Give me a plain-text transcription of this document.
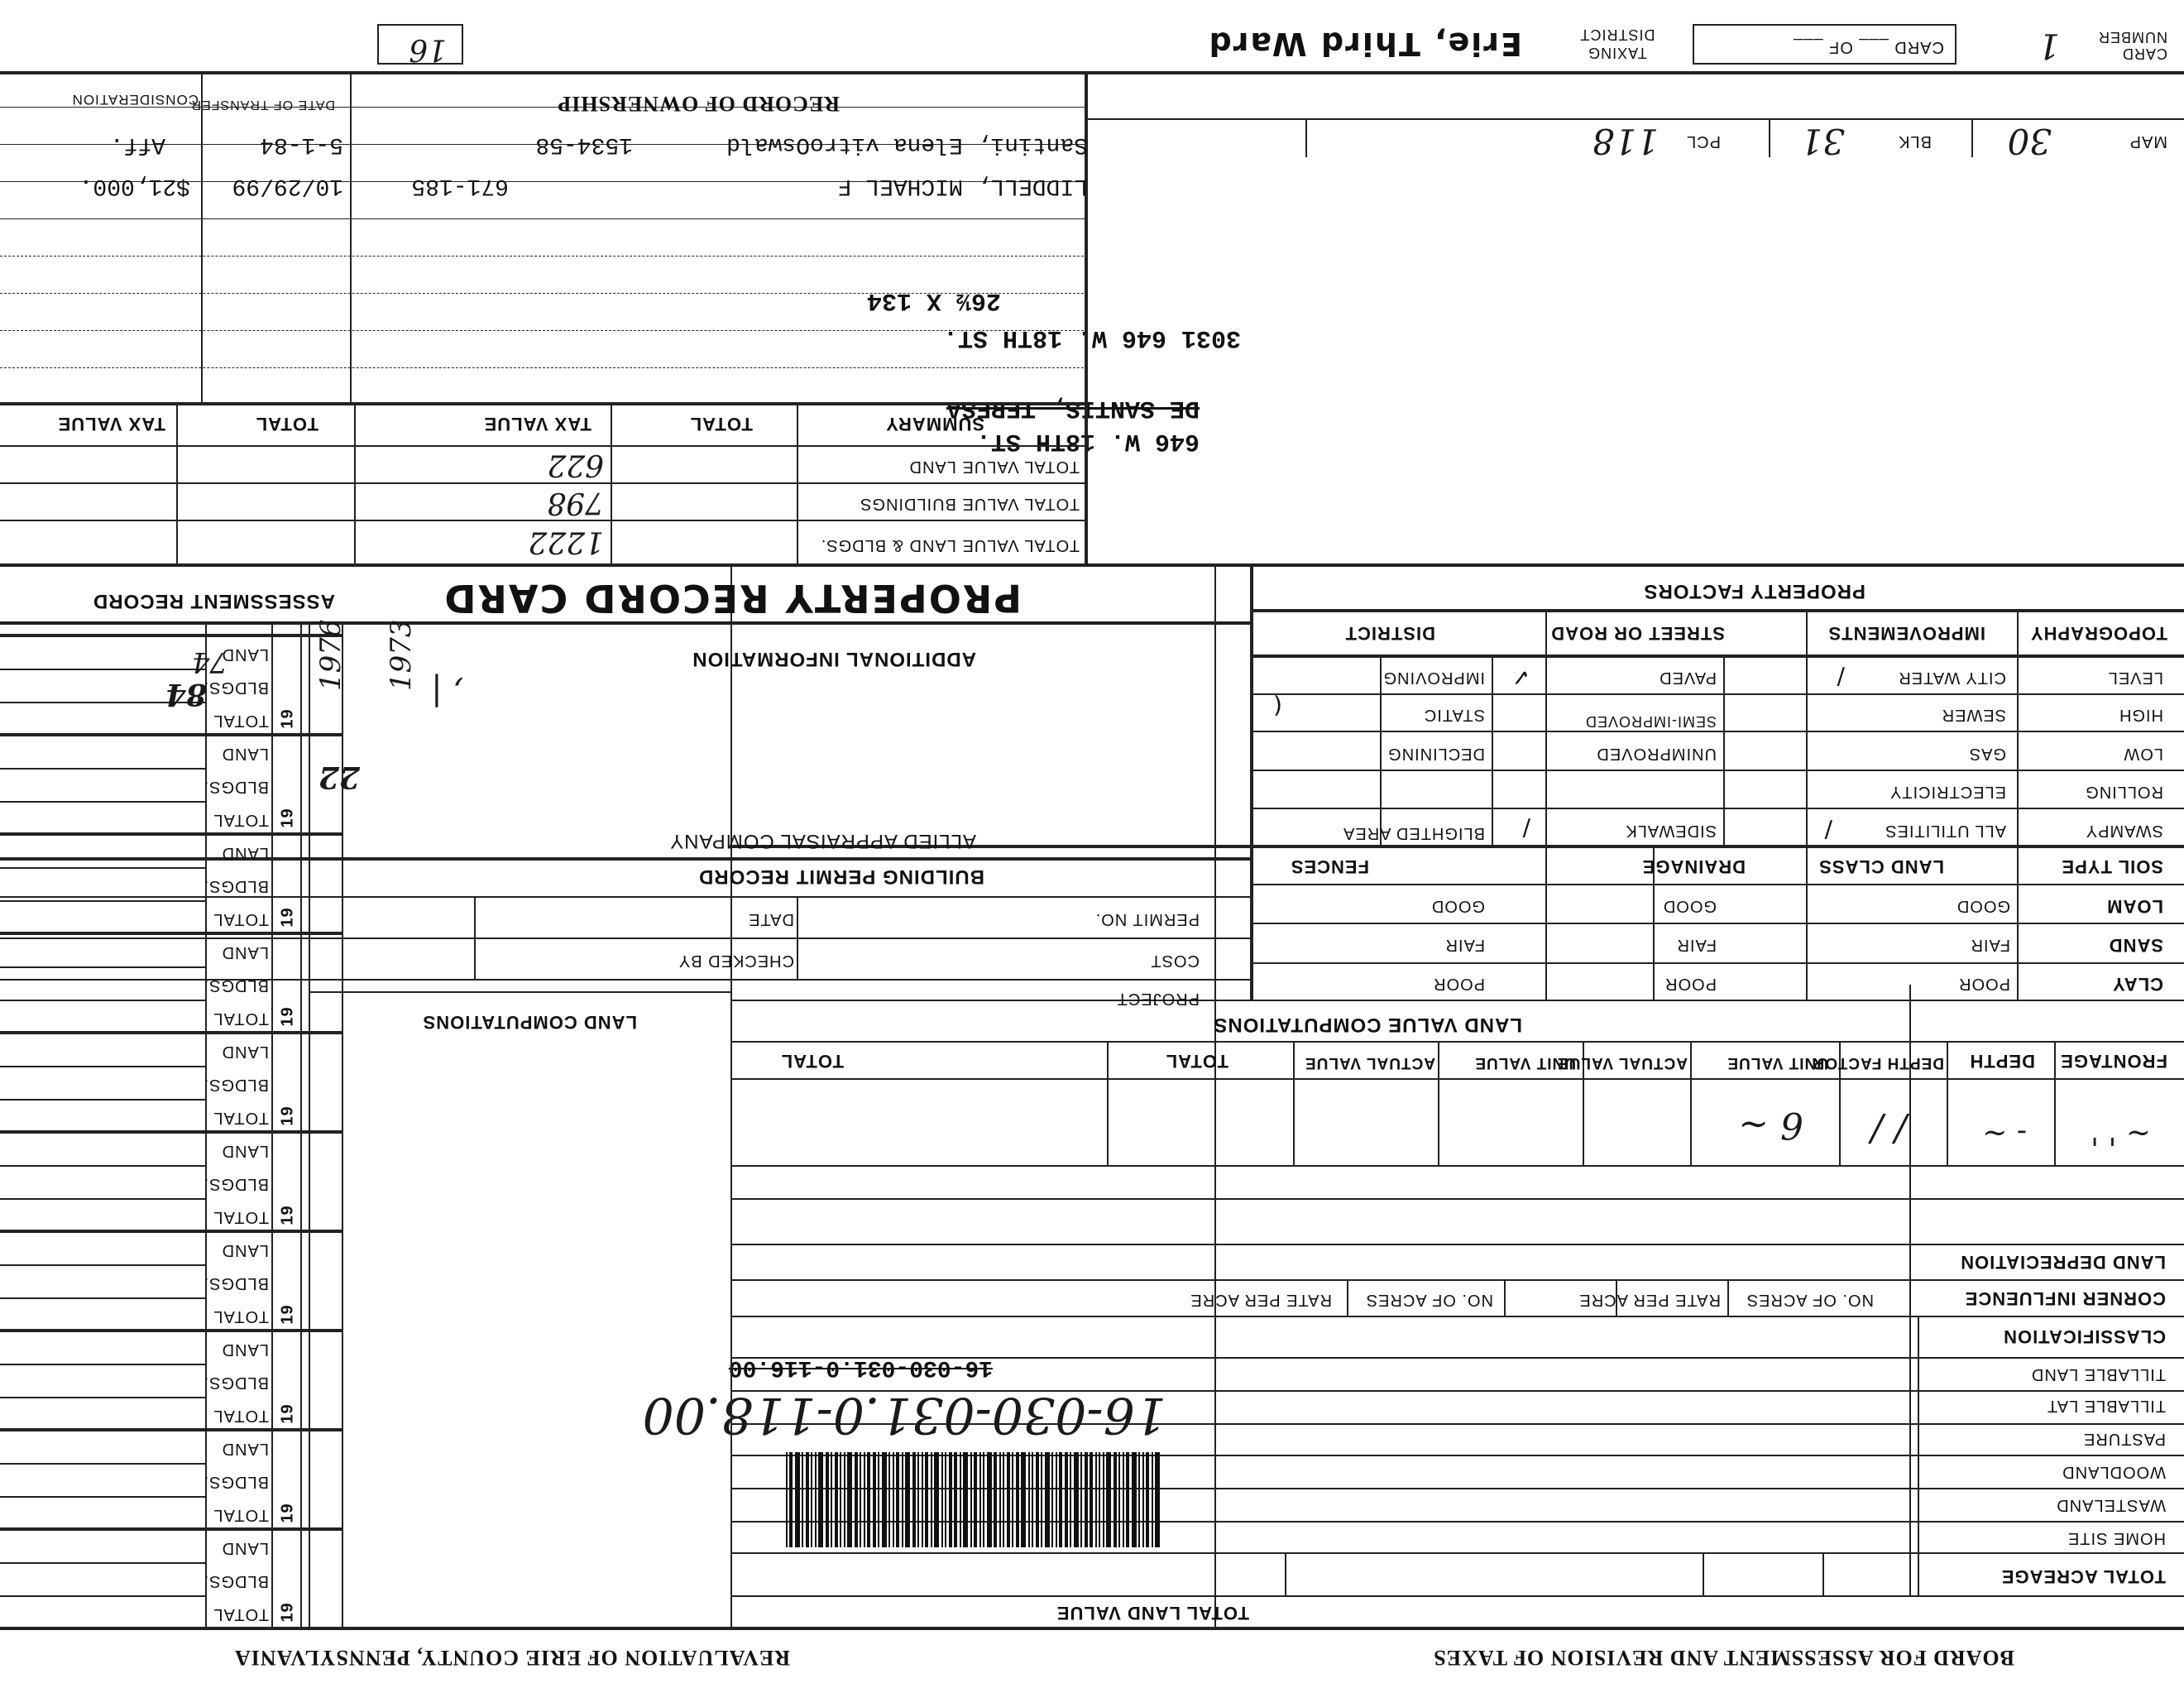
REVALUATION OF ERIE COUNTY, PENNSYLVANIA	BOARD FOR ASSESSMENT AND REVISION OF TAXES
TOTAL LAND VALUE
TOTAL ACREAGE
HOME SITE
WASTELAND
WOODLAND
PASTURE
TILLABLE LAT
TILLABLE LAND
CLASSIFICATION
CORNER INFLUENCE
LAND DEPRECIATION
NO. OF ACRES
RATE PER ACRE
NO. OF ACRES
RATE PER ACRE
16-030-031.0-118.00
16-030-031.0-116.00
FRONTAGE
DEPTH
DEPTH FACTOR
UNIT VALUE
ACTUAL VALUE
UNIT VALUE
ACTUAL VALUE
TOTAL
TOTAL
LAND VALUE COMPUTATIONS
LAND COMPUTATIONS
~ ' '
- ~
/ /
6 ~
CLAY
SAND
LOAM
SOIL TYPE
LAND CLASS
DRAINAGE
FENCES
POOR
FAIR
GOOD
POOR
FAIR
GOOD
POOR
FAIR
GOOD
SWAMPY
ROLLING
LOW
HIGH
LEVEL
ALL UTILITIES
ELECTRICITY
GAS
SEWER
CITY WATER
SIDEWALK
UNIMPROVED
SEMI-IMPROVED
PAVED
BLIGHTED AREA
DECLINING
STATIC
IMPROVING
TOPOGRAPHY
IMPROVEMENTS
STREET OR ROAD
DISTRICT
PROPERTY FACTORS
/
/
✓
/
(
BUILDING PERMIT RECORD
PERMIT NO.
DATE
COST
CHECKED BY
PROJECT
ALLIED APPRAISAL COMPANY
ADDITIONAL INFORMATION
PROPERTY RECORD CARD
, |
TOTAL
BLDGS.
LAND
19
TOTAL
BLDGS.
LAND
19
TOTAL
BLDGS.
LAND
19
TOTAL
BLDGS.
LAND
19
TOTAL
BLDGS.
LAND
19
TOTAL
BLDGS.
LAND
19
TOTAL
BLDGS.
LAND
19
TOTAL
BLDGS.
LAND
19
TOTAL
BLDGS.
LAND
19
TOTAL
BLDGS.
LAND
19
ASSESSMENT RECORD
1973
1976
74
84
22
646 W. 18TH ST.
DE SANTIS, TERESA
3031 646 W. 18TH ST.
26½ X 134
SUMMARY
TOTAL
TAX VALUE
TOTAL
TAX VALUE
TOTAL VALUE LAND
TOTAL VALUE BUILDINGS
TOTAL VALUE LAND & BLDGS.
622
798
1222
RECORD OF OWNERSHIP
DATE OF TRANSFER
CONSIDERATION
Santini, Elena vitroOswald
1534-58
5-1-84
Aff.
LIDDELL, MICHAEL F
671-185
10/29/99
$21,000.
MAP
30
BLK
31
PCL
118
CARD NUMBER
1
CARD ___ OF ___
TAXING DISTRICT
Erie, Third Ward
16
